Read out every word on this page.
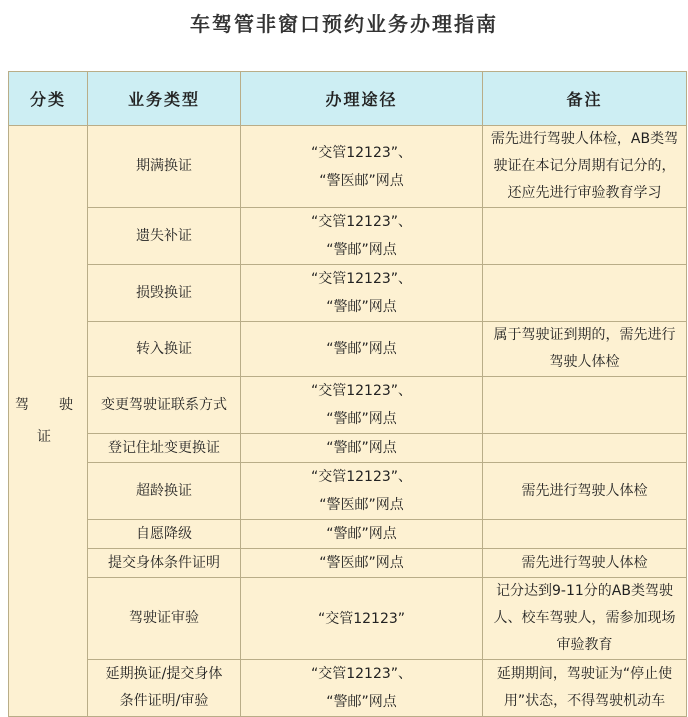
车驾管非窗口预约业务办理指南
分类	业务类型	办理途径	备注

驾　驶
证	期满换证	“交管12123”、
“警医邮”网点	需先进行驾驶人体检，AB类驾
驶证在本记分周期有记分的，
还应先进行审验教育学习

	遗失补证	“交管12123”、
“警邮”网点	

	损毁换证	“交管12123”、
“警邮”网点	

	转入换证	“警邮”网点	属于驾驶证到期的，需先进行
驾驶人体检

	变更驾驶证联系方式	“交管12123”、
“警邮”网点	

	登记住址变更换证	“警邮”网点	

	超龄换证	“交管12123”、
“警医邮”网点	需先进行驾驶人体检

	自愿降级	“警邮”网点	

	提交身体条件证明	“警医邮”网点	需先进行驾驶人体检

	驾驶证审验	“交管12123”	记分达到9-11分的AB类驾驶
人、校车驾驶人，需参加现场
审验教育

	延期换证/提交身体
条件证明/审验	“交管12123”、
“警邮”网点	延期期间，驾驶证为“停止使
用”状态，不得驾驶机动车
